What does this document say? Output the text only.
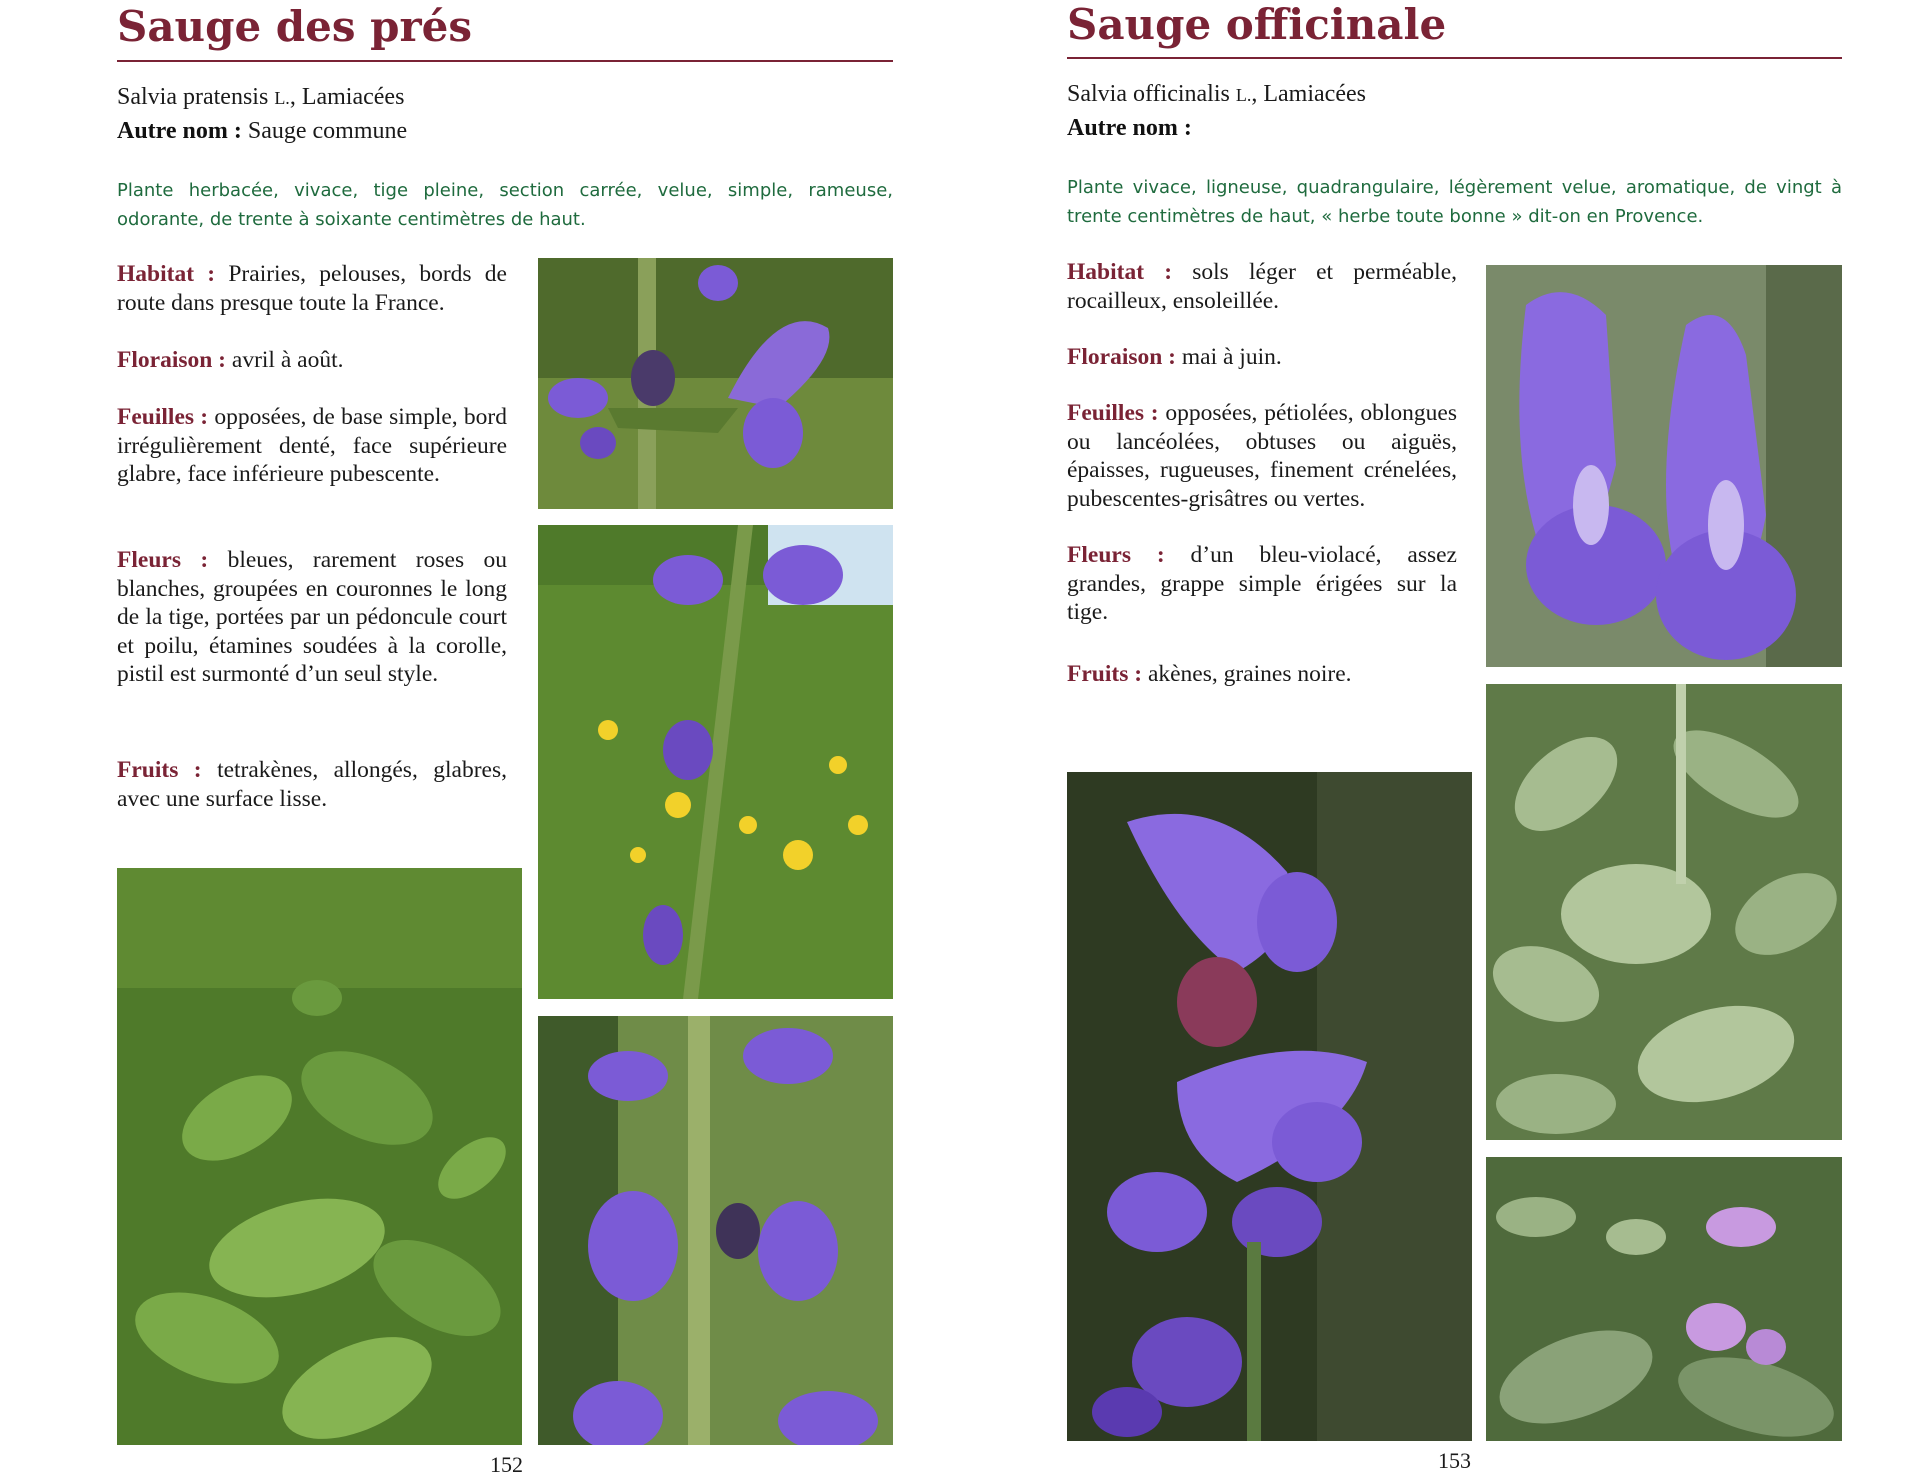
Sauge des prés

Salvia pratensis L., Lamiacées

Autre nom : Sauge commune

Plante herbacée, vivace, tige pleine, section carrée, velue, simple, rameuse, odorante, de trente à soixante centimètres de haut.

Habitat : Prairies, pelouses, bords de route dans presque toute la France.

Floraison : avril à août.

Feuilles : opposées, de base simple, bord irrégulièrement denté, face supérieure glabre, face inférieure pubescente.

Fleurs : bleues, rarement roses ou blanches, groupées en couronnes le long de la tige, portées par un pédoncule court et poilu, étamines soudées à la corolle, pistil est surmonté d’un seul style.

Fruits : tetrakènes, allongés, glabres, avec une surface lisse.

152

Sauge officinale

Salvia officinalis L., Lamiacées

Autre nom :

Plante vivace, ligneuse, quadrangulaire, légèrement velue, aromatique, de vingt à trente centimètres de haut, « herbe toute bonne » dit-on en Provence.

Habitat : sols léger et perméable, rocailleux, ensoleillée.

Floraison : mai à juin.

Feuilles : opposées, pétiolées, oblongues ou lancéolées, obtuses ou aiguës, épaisses, rugueuses, finement crénelées, pubescentes-grisâtres ou vertes.

Fleurs : d’un bleu-violacé, assez grandes, grappe simple érigées sur la tige.

Fruits : akènes, graines noire.

153
